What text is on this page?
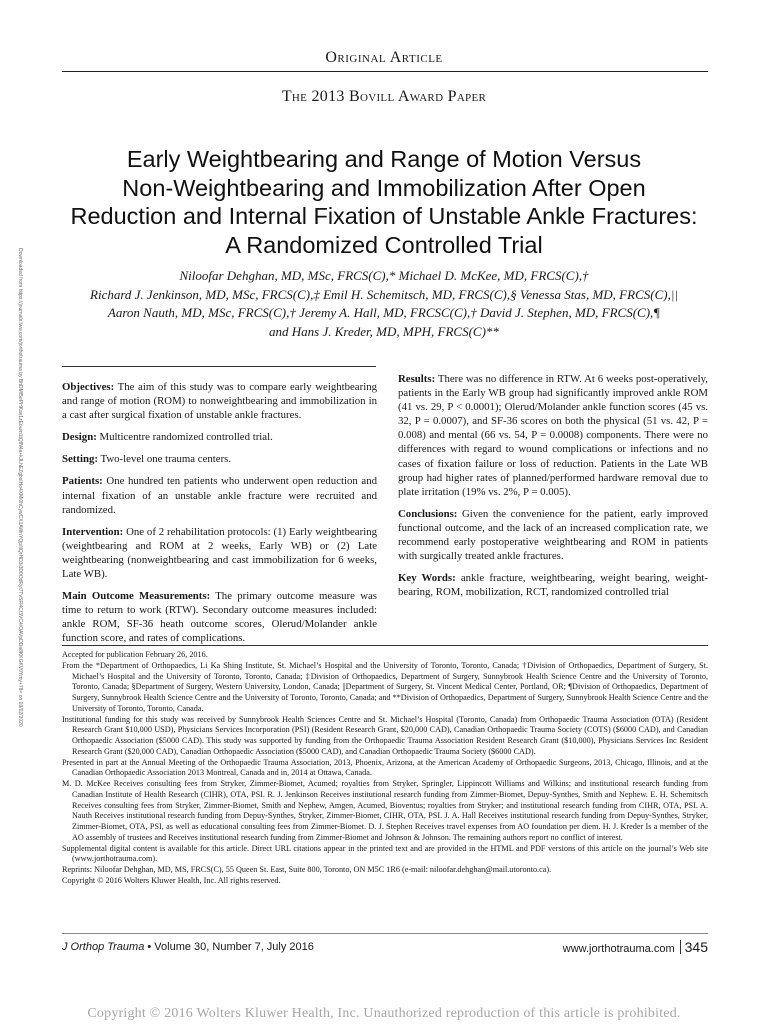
Original Article
The 2013 Bovill Award Paper
Early Weightbearing and Range of Motion Versus
Non-Weightbearing and Immobilization After Open
Reduction and Internal Fixation of Unstable Ankle Fractures:
A Randomized Controlled Trial
Niloofar Dehghan, MD, MSc, FRCS(C),* Michael D. McKee, MD, FRCS(C),†
Richard J. Jenkinson, MD, MSc, FRCS(C),‡ Emil H. Schemitsch, MD, FRCS(C),§ Venessa Stas, MD, FRCS(C),||
Aaron Nauth, MD, MSc, FRCS(C),† Jeremy A. Hall, MD, FRCSC(C),† David J. Stephen, MD, FRCS(C),¶
and Hans J. Kreder, MD, MPH, FRCS(C)**

Objectives: The aim of this study was to compare early weightbearing and range of motion (ROM) to nonweightbearing and immobilization in a cast after surgical fixation of unstable ankle fractures.

Design: Multicentre randomized controlled trial.

Setting: Two-level one trauma centers.

Patients: One hundred ten patients who underwent open reduction and internal fixation of an unstable ankle fracture were recruited and randomized.

Intervention: One of 2 rehabilitation protocols: (1) Early weightbearing (weightbearing and ROM at 2 weeks, Early WB) or (2) Late weightbearing (nonweightbearing and cast immobilization for 6 weeks, Late WB).

Main Outcome Measurements: The primary outcome measure was time to return to work (RTW). Secondary outcome measures included: ankle ROM, SF-36 heath outcome scores, Olerud/Molander ankle function score, and rates of complications.

Results: There was no difference in RTW. At 6 weeks post-operatively, patients in the Early WB group had significantly improved ankle ROM (41 vs. 29, P < 0.0001); Olerud/Molander ankle function scores (45 vs. 32, P = 0.0007), and SF-36 scores on both the physical (51 vs. 42, P = 0.008) and mental (66 vs. 54, P = 0.0008) components. There were no differences with regard to wound complications or infections and no cases of fixation failure or loss of reduction. Patients in the Late WB group had higher rates of planned/performed hardware removal due to plate irritation (19% vs. 2%, P = 0.005).

Conclusions: Given the convenience for the patient, early improved functional outcome, and the lack of an increased complication rate, we recommend early postoperative weightbearing and ROM in patients with surgically treated ankle fractures.

Key Words: ankle fracture, weightbearing, weight bearing, weight-bearing, ROM, mobilization, RCT, randomized controlled trial

Accepted for publication February 26, 2016.

From the *Department of Orthopaedics, Li Ka Shing Institute, St. Michael’s Hospital and the University of Toronto, Toronto, Canada; †Division of Orthopaedics, Department of Surgery, St. Michael’s Hospital and the University of Toronto, Toronto, Canada; ‡Division of Orthopaedics, Department of Surgery, Sunnybrook Health Science Centre and the University of Toronto, Toronto, Canada; §Department of Surgery, Western University, London, Canada; ||Department of Surgery, St. Vincent Medical Center, Portland, OR; ¶Division of Orthopaedics, Department of Surgery, Sunnybrook Health Science Centre and the University of Toronto, Toronto, Canada; and **Division of Orthopaedics, Department of Surgery, Sunnybrook Health Science Centre and the University of Toronto, Toronto, Canada.

Institutional funding for this study was received by Sunnybrook Health Sciences Centre and St. Michael’s Hospital (Toronto, Canada) from Orthopaedic Trauma Association (OTA) (Resident Research Grant $10,000 USD), Physicians Services Incorporation (PSI) (Resident Research Grant, $20,000 CAD), Canadian Orthopaedic Trauma Society (COTS) ($6000 CAD), and Canadian Orthopaedic Association ($5000 CAD). This study was supported by funding from the Orthopaedic Trauma Association Resident Research Grant ($10,000), Physicians Services Inc Resident Research Grant ($20,000 CAD), Canadian Orthopaedic Association ($5000 CAD), and Canadian Orthopaedic Trauma Society ($6000 CAD).

Presented in part at the Annual Meeting of the Orthopaedic Trauma Association, 2013, Phoenix, Arizona, at the American Academy of Orthopaedic Surgeons, 2013, Chicago, Illinois, and at the Canadian Orthopaedic Association 2013 Montreal, Canada and in, 2014 at Ottawa, Canada.

M. D. McKee Receives consulting fees from Stryker, Zimmer-Biomet, Acumed; royalties from Stryker, Springler, Lippincott Williams and Wilkins; and institutional research funding from Canadian Institute of Health Research (CIHR), OTA, PSI. R. J. Jenkinson Receives institutional research funding from Zimmer-Biomet, Depuy-Synthes, Smith and Nephew. E. H. Schemitsch Receives consulting fees from Stryker, Zimmer-Biomet, Smith and Nephew, Amgen, Acumed, Bioventus; royalties from Stryker; and institutional research funding from CIHR, OTA, PSI. A. Nauth Receives institutional research funding from Depuy-Synthes, Stryker, Zimmer-Biomet, CIHR, OTA, PSI. J. A. Hall Receives institutional research funding from Depuy-Synthes, Stryker, Zimmer-Biomet, OTA, PSI, as well as educational consulting fees from Zimmer-Biomet. D. J. Stephen Receives travel expenses from AO foundation per diem. H. J. Kreder Is a member of the AO assembly of trustees and Receives institutional research funding from Zimmer-Biomet and Johnson & Johnson. The remaining authors report no conflict of interest.

Supplemental digital content is available for this article. Direct URL citations appear in the printed text and are provided in the HTML and PDF versions of this article on the journal’s Web site (www.jorthotrauma.com).

Reprints: Niloofar Dehghan, MD, MS, FRCS(C), 55 Queen St. East, Suite 800, Toronto, ON M5C 1R6 (e-mail: niloofar.dehghan@mail.utoronto.ca).

Copyright © 2016 Wolters Kluwer Health, Inc. All rights reserved.

J Orthop Trauma • Volume 30, Number 7, July 2016	www.jorthotrauma.com 345
Copyright © 2016 Wolters Kluwer Health, Inc. Unauthorized reproduction of this article is prohibited.
Downloaded from https://journals.lww.com/jorthotrauma by BhDMf5ePHKav1zEoum1tQfN4a+kJLhEZgbsIHo4XMi0hCywCX1AWnYQp/IlQrHD3i3D0OdRyi7TvSFl4Cf3VC4/OAVpDDa8KKGKV0Ymy+78= on 09/02/2020
